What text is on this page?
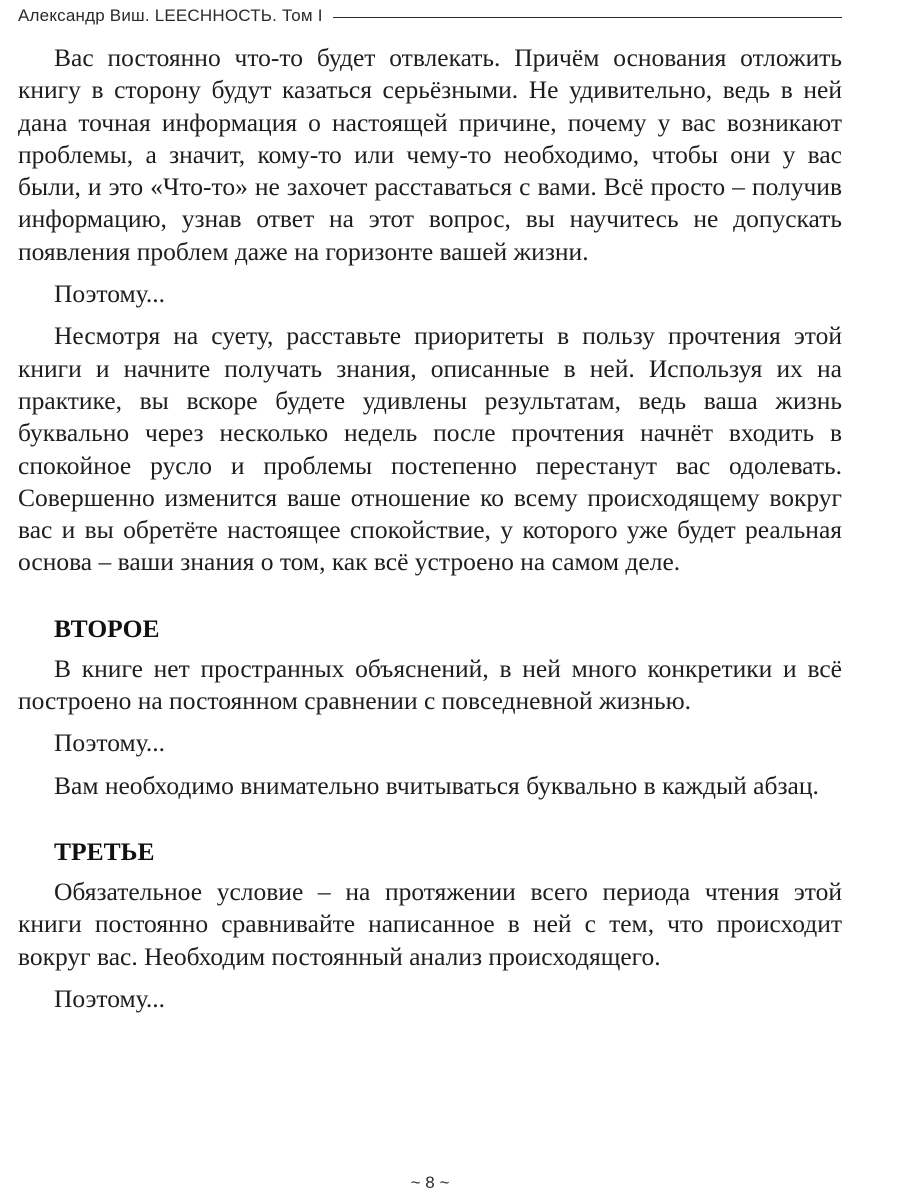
Александр Виш. LEECHНОСТЬ. Том I

Вас постоянно что-то будет отвлекать. Причём основания отложить книгу в сторону будут казаться серьёзными. Не удивительно, ведь в ней дана точная информация о настоящей причине, почему у вас возникают проблемы, а значит, кому-то или чему-то необходимо, чтобы они у вас были, и это «Что-то» не захочет расставаться с вами. Всё просто – получив информацию, узнав ответ на этот вопрос, вы научитесь не допускать появления проблем даже на горизонте вашей жизни.

Поэтому...

Несмотря на суету, расставьте приоритеты в пользу прочтения этой книги и начните получать знания, описанные в ней. Используя их на практике, вы вскоре будете удивлены результатам, ведь ваша жизнь буквально через несколько недель после прочтения начнёт входить в спокойное русло и проблемы постепенно перестанут вас одолевать. Совершенно изменится ваше отношение ко всему происходящему вокруг вас и вы обретёте настоящее спокойствие, у которого уже будет реальная основа – ваши знания о том, как всё устроено на самом деле.

ВТОРОЕ

В книге нет пространных объяснений, в ней много конкретики и всё построено на постоянном сравнении с повседневной жизнью.

Поэтому...

Вам необходимо внимательно вчитываться буквально в каждый абзац.

ТРЕТЬЕ

Обязательное условие – на протяжении всего периода чтения этой книги постоянно сравнивайте написанное в ней с тем, что происходит вокруг вас. Необходим постоянный анализ происходящего.

Поэтому...

~ 8 ~
